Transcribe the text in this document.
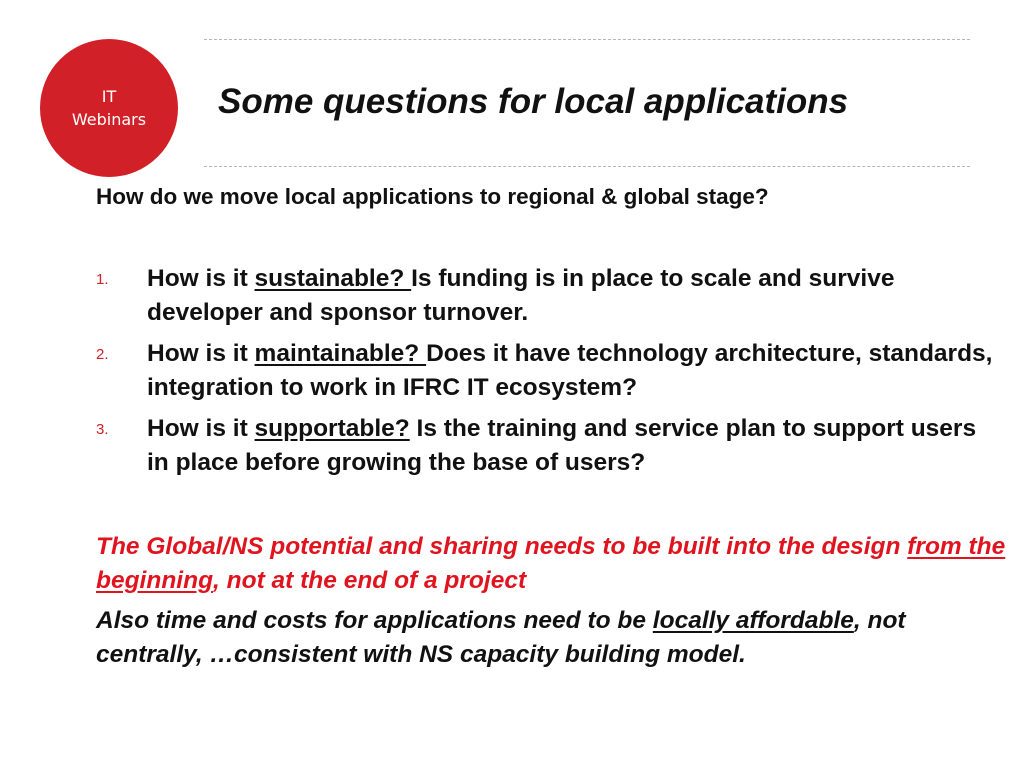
IT
Webinars Some questions for local applications

How do we move local applications to regional & global stage?

1. How is it sustainable? Is funding is in place to scale and survive developer and sponsor turnover.
2. How is it maintainable? Does it have technology architecture, standards, integration to work in IFRC IT ecosystem?
3. How is it supportable? Is the training and service plan to support users in place before growing the base of users?

The Global/NS potential and sharing needs to be built into the design from the beginning, not at the end of a project

Also time and costs for applications need to be locally affordable, not centrally, …consistent with NS capacity building model.
